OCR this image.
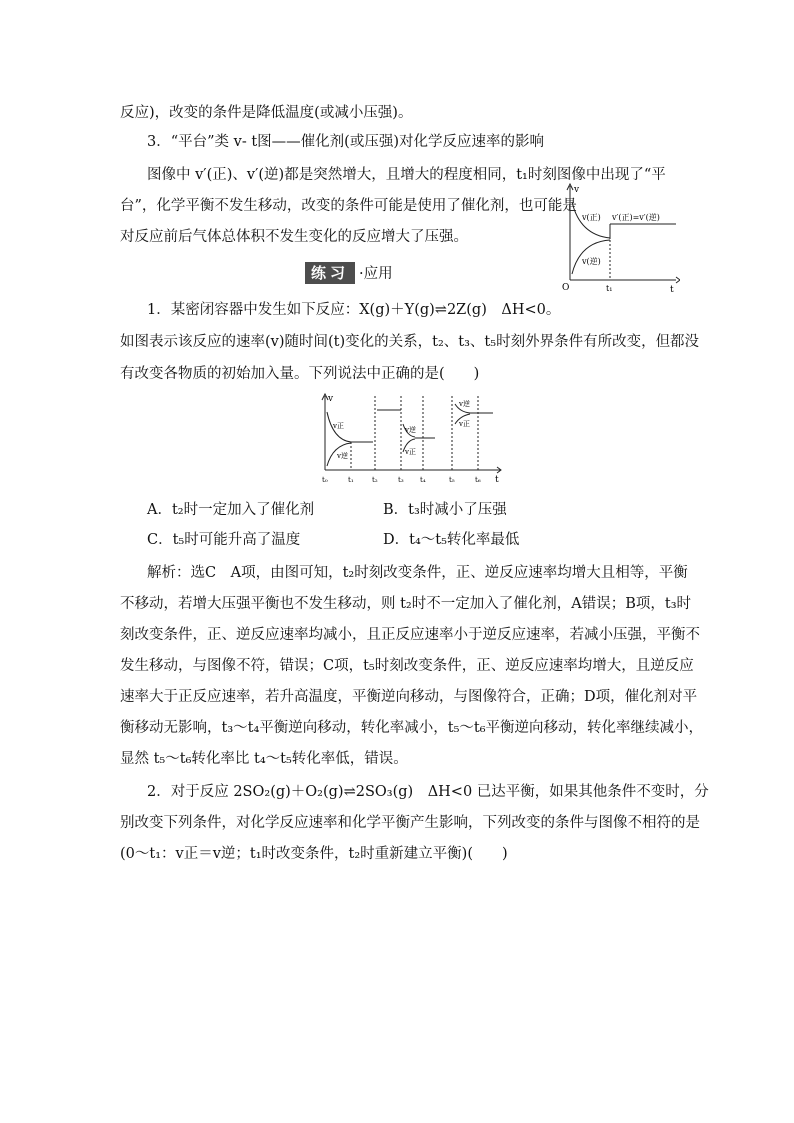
反应)，改变的条件是降低温度(或减小压强)。
3．“平台”类 v- t图——催化剂(或压强)对化学反应速率的影响
图像中 v′(正)、v′(逆)都是突然增大，且增大的程度相同，t₁时刻图像中出现了“平
台”，化学平衡不发生移动，改变的条件可能是使用了催化剂，也可能是
对反应前后气体总体积不发生变化的反应增大了压强。
v
O	t
t₁
v(正)
v(逆)
v′(正)=v′(逆)
练习 ·应用
1．某密闭容器中发生如下反应：X(g)＋Y(g)⇌2Z(g)　ΔH<0。
如图表示该反应的速率(v)随时间(t)变化的关系，t₂、t₃、t₅时刻外界条件有所改变，但都没
有改变各物质的初始加入量。下列说法中正确的是(　　)
v
t
v正
v逆
v逆
v正
v逆
v正
t₀	t₁	t₂	t₃ t₄	t₅	t₆
A．t₂时一定加入了催化剂	B．t₃时减小了压强
C．t₅时可能升高了温度	D．t₄～t₅转化率最低
解析：选C　A项，由图可知，t₂时刻改变条件，正、逆反应速率均增大且相等，平衡
不移动，若增大压强平衡也不发生移动，则 t₂时不一定加入了催化剂，A错误；B项，t₃时
刻改变条件，正、逆反应速率均减小，且正反应速率小于逆反应速率，若减小压强，平衡不
发生移动，与图像不符，错误；C项，t₅时刻改变条件，正、逆反应速率均增大，且逆反应
速率大于正反应速率，若升高温度，平衡逆向移动，与图像符合，正确；D项，催化剂对平
衡移动无影响，t₃～t₄平衡逆向移动，转化率减小，t₅～t₆平衡逆向移动，转化率继续减小，
显然 t₅～t₆转化率比 t₄～t₅转化率低，错误。
2．对于反应 2SO₂(g)＋O₂(g)⇌2SO₃(g)　ΔH<0 已达平衡，如果其他条件不变时，分
别改变下列条件，对化学反应速率和化学平衡产生影响，下列改变的条件与图像不相符的是
(0～t₁：v正＝v逆；t₁时改变条件，t₂时重新建立平衡)(　　)
